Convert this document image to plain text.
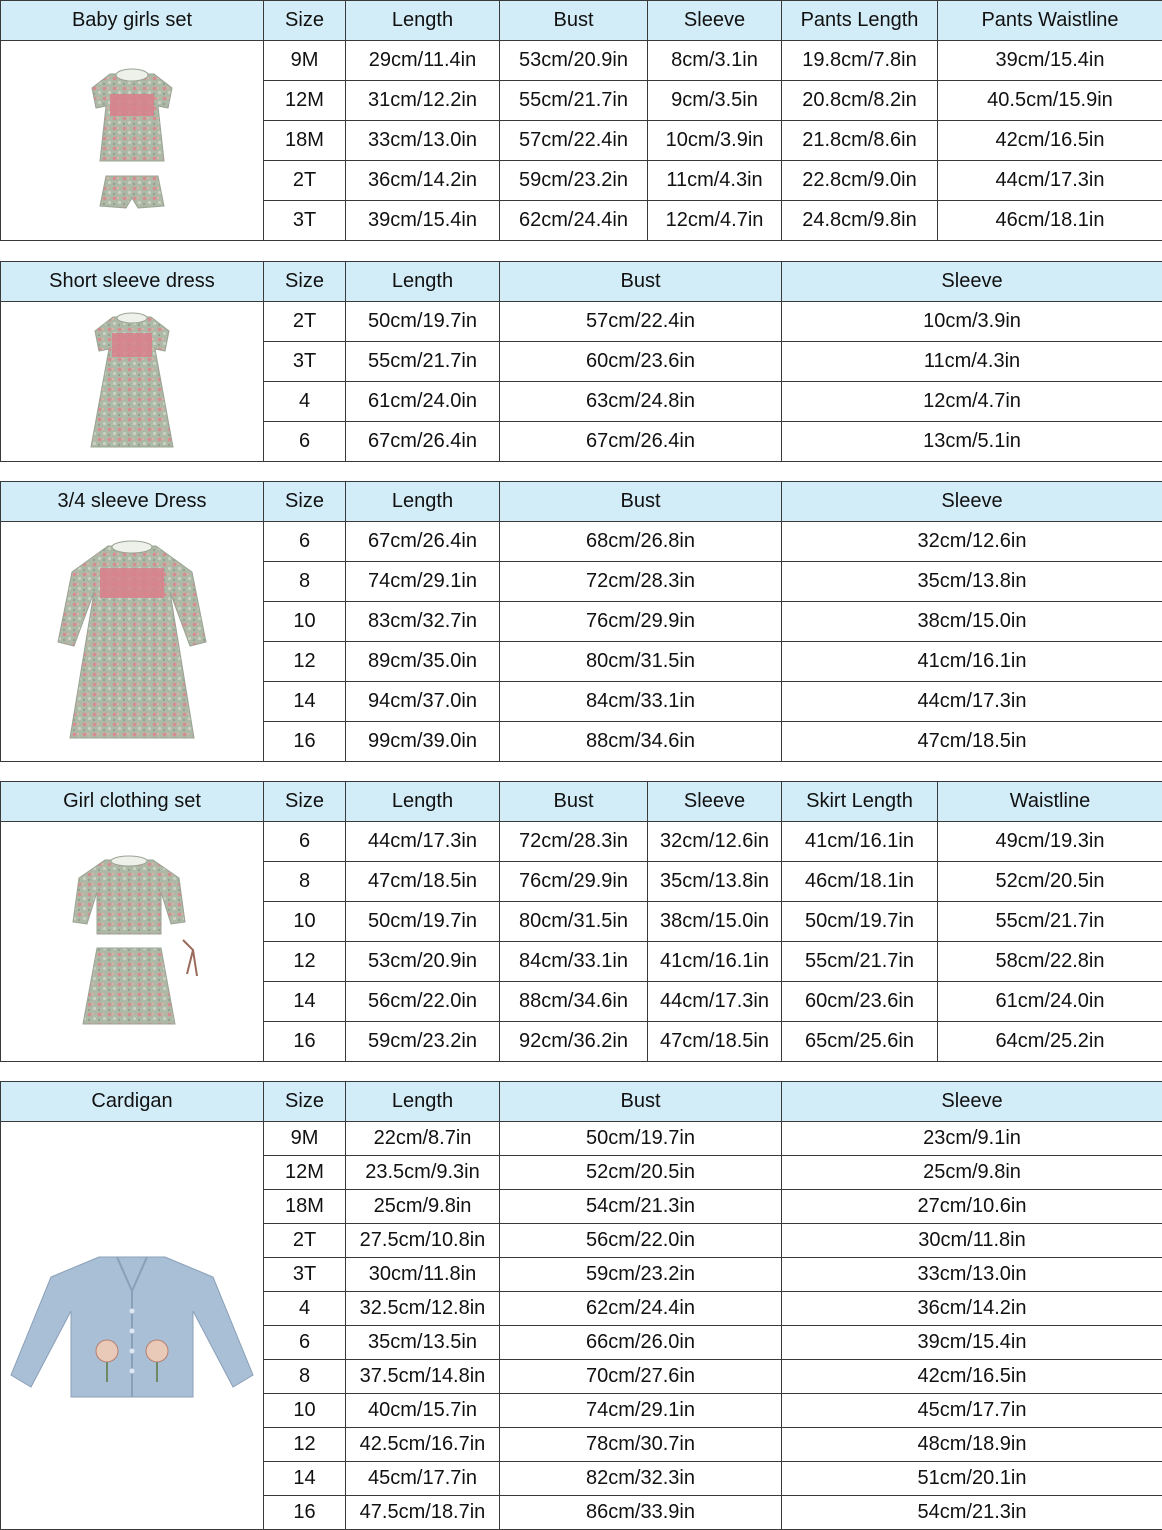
Baby girls set	Size	Length	Bust	Sleeve	Pants Length	Pants Waistline

	9M	29cm/11.4in	53cm/20.9in	8cm/3.1in	19.8cm/7.8in	39cm/15.4in
	12M	31cm/12.2in	55cm/21.7in	9cm/3.5in	20.8cm/8.2in	40.5cm/15.9in
	18M	33cm/13.0in	57cm/22.4in	10cm/3.9in	21.8cm/8.6in	42cm/16.5in
	2T	36cm/14.2in	59cm/23.2in	11cm/4.3in	22.8cm/9.0in	44cm/17.3in
	3T	39cm/15.4in	62cm/24.4in	12cm/4.7in	24.8cm/9.8in	46cm/18.1in
Short sleeve dress	Size	Length	Bust	Sleeve

	2T	50cm/19.7in	57cm/22.4in	10cm/3.9in
	3T	55cm/21.7in	60cm/23.6in	11cm/4.3in
	4	61cm/24.0in	63cm/24.8in	12cm/4.7in
	6	67cm/26.4in	67cm/26.4in	13cm/5.1in
3/4 sleeve Dress	Size	Length	Bust	Sleeve

	6	67cm/26.4in	68cm/26.8in	32cm/12.6in
	8	74cm/29.1in	72cm/28.3in	35cm/13.8in
	10	83cm/32.7in	76cm/29.9in	38cm/15.0in
	12	89cm/35.0in	80cm/31.5in	41cm/16.1in
	14	94cm/37.0in	84cm/33.1in	44cm/17.3in
	16	99cm/39.0in	88cm/34.6in	47cm/18.5in
Girl clothing set	Size	Length	Bust	Sleeve	Skirt Length	Waistline

	6	44cm/17.3in	72cm/28.3in	32cm/12.6in	41cm/16.1in	49cm/19.3in
	8	47cm/18.5in	76cm/29.9in	35cm/13.8in	46cm/18.1in	52cm/20.5in
	10	50cm/19.7in	80cm/31.5in	38cm/15.0in	50cm/19.7in	55cm/21.7in
	12	53cm/20.9in	84cm/33.1in	41cm/16.1in	55cm/21.7in	58cm/22.8in
	14	56cm/22.0in	88cm/34.6in	44cm/17.3in	60cm/23.6in	61cm/24.0in
	16	59cm/23.2in	92cm/36.2in	47cm/18.5in	65cm/25.6in	64cm/25.2in
Cardigan	Size	Length	Bust	Sleeve

	9M	22cm/8.7in	50cm/19.7in	23cm/9.1in
	12M	23.5cm/9.3in	52cm/20.5in	25cm/9.8in
	18M	25cm/9.8in	54cm/21.3in	27cm/10.6in
	2T	27.5cm/10.8in	56cm/22.0in	30cm/11.8in
	3T	30cm/11.8in	59cm/23.2in	33cm/13.0in
	4	32.5cm/12.8in	62cm/24.4in	36cm/14.2in
	6	35cm/13.5in	66cm/26.0in	39cm/15.4in
	8	37.5cm/14.8in	70cm/27.6in	42cm/16.5in
	10	40cm/15.7in	74cm/29.1in	45cm/17.7in
	12	42.5cm/16.7in	78cm/30.7in	48cm/18.9in
	14	45cm/17.7in	82cm/32.3in	51cm/20.1in
	16	47.5cm/18.7in	86cm/33.9in	54cm/21.3in
